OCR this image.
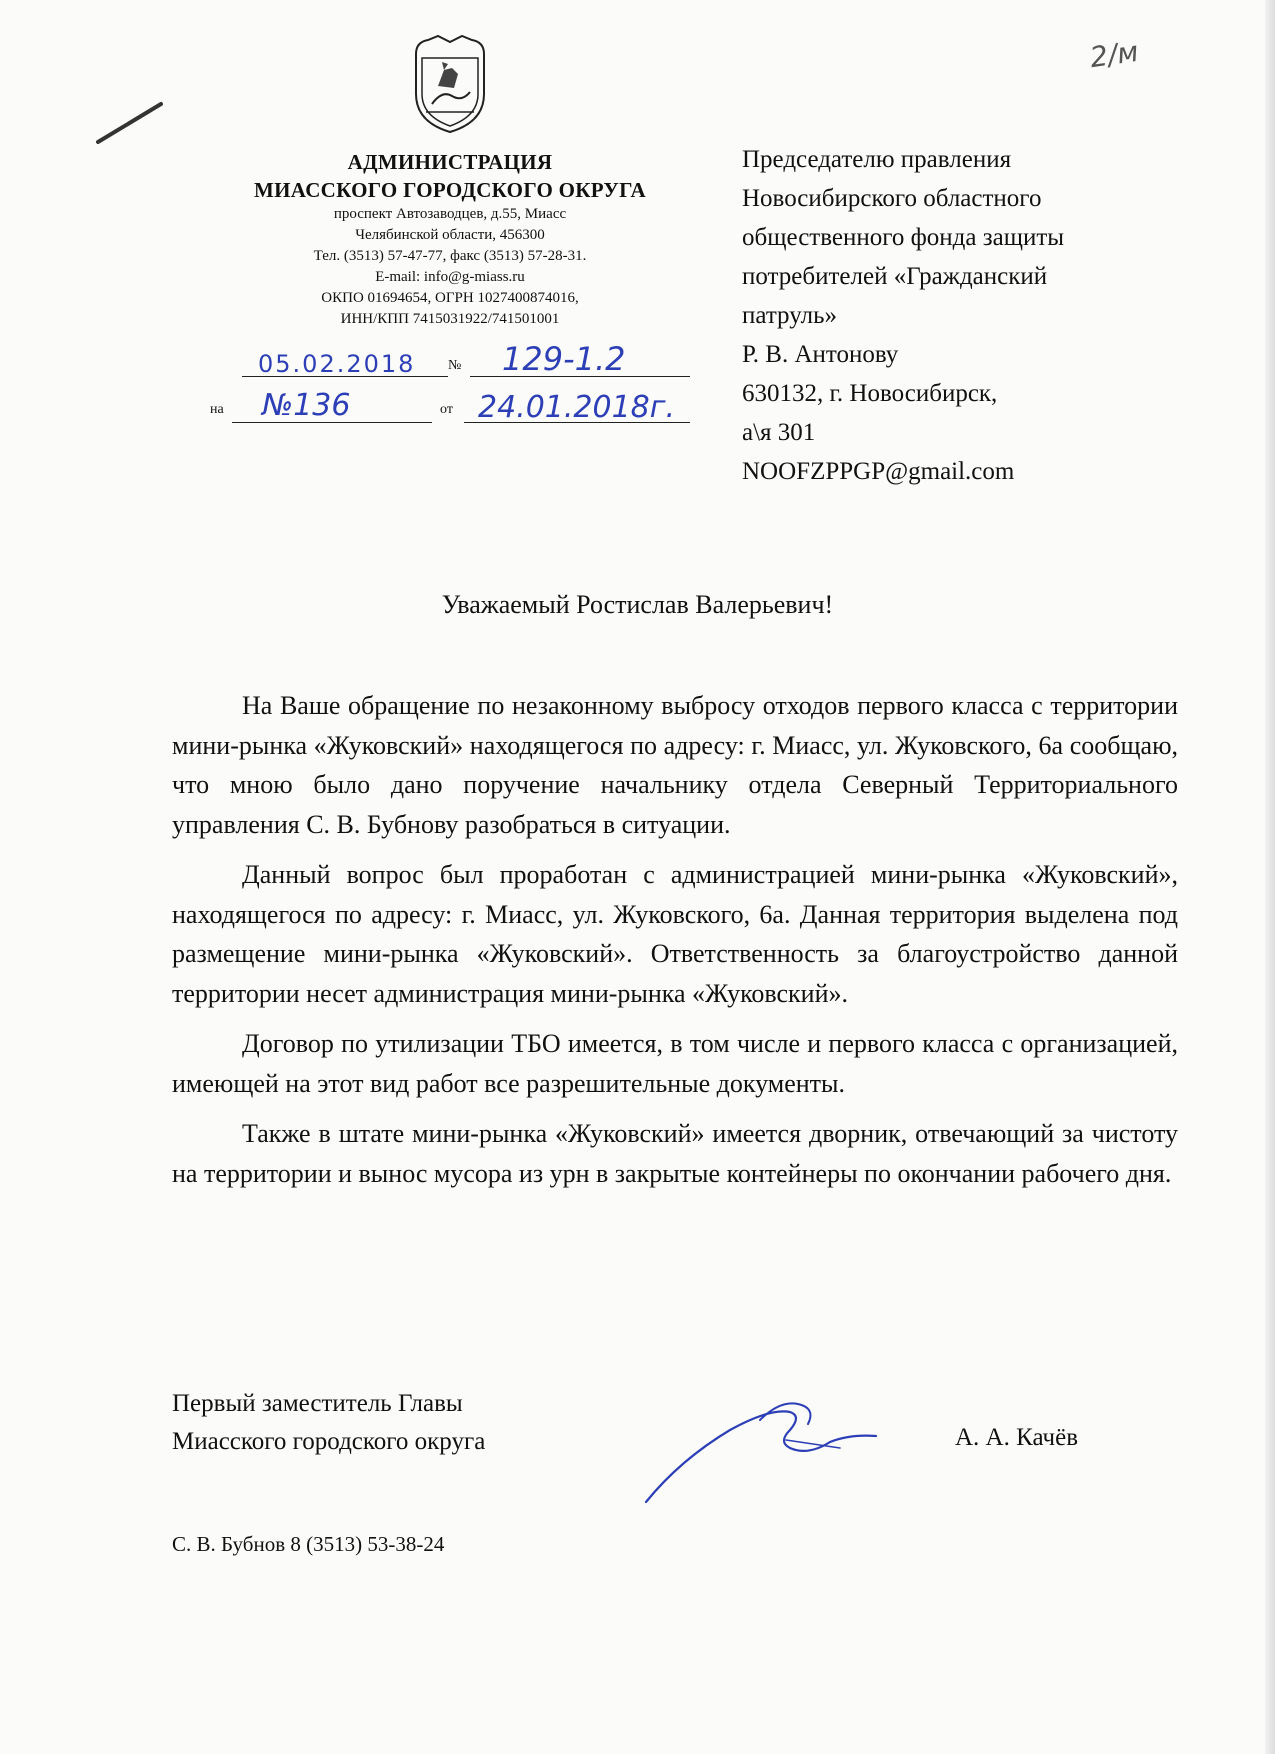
2/м
АДМИНИСТРАЦИЯ
МИАССКОГО ГОРОДСКОГО ОКРУГА
проспект Автозаводцев, д.55, Миасс
Челябинской области, 456300
Тел. (3513) 57-47-77, факс (3513) 57-28-31.
E-mail: info@g-miass.ru
ОКПО 01694654, ОГРН 1027400874016,
ИНН/КПП 7415031922/741501001
05.02.2018 № 129-1.2
на №136	от 24.01.2018г.
Председателю правления
Новосибирского областного
общественного фонда защиты
потребителей «Гражданский
патруль»
Р. В. Антонову
630132, г. Новосибирск,
а\я 301
NOOFZPPGP@gmail.com
Уважаемый Ростислав Валерьевич!

На Ваше обращение по незаконному выбросу отходов первого класса с территории мини-рынка «Жуковский» находящегося по адресу: г. Миасс, ул. Жуковского, 6а сообщаю, что мною было дано поручение начальнику отдела Северный Территориального управления С. В. Бубнову разобраться в ситуации.

Данный вопрос был проработан с администрацией мини-рынка «Жуковский», находящегося по адресу: г. Миасс, ул. Жуковского, 6а. Данная территория выделена под размещение мини-рынка «Жуковский». Ответственность за благоустройство данной территории несет администрация мини-рынка «Жуковский».

Договор по утилизации ТБО имеется, в том числе и первого класса с организацией, имеющей на этот вид работ все разрешительные документы.

Также в штате мини-рынка «Жуковский» имеется дворник, отвечающий за чистоту на территории и вынос мусора из урн в закрытые контейнеры по окончании рабочего дня.

Первый заместитель Главы
Миасского городского округа	А. А. Качёв
С. В. Бубнов 8 (3513) 53-38-24
